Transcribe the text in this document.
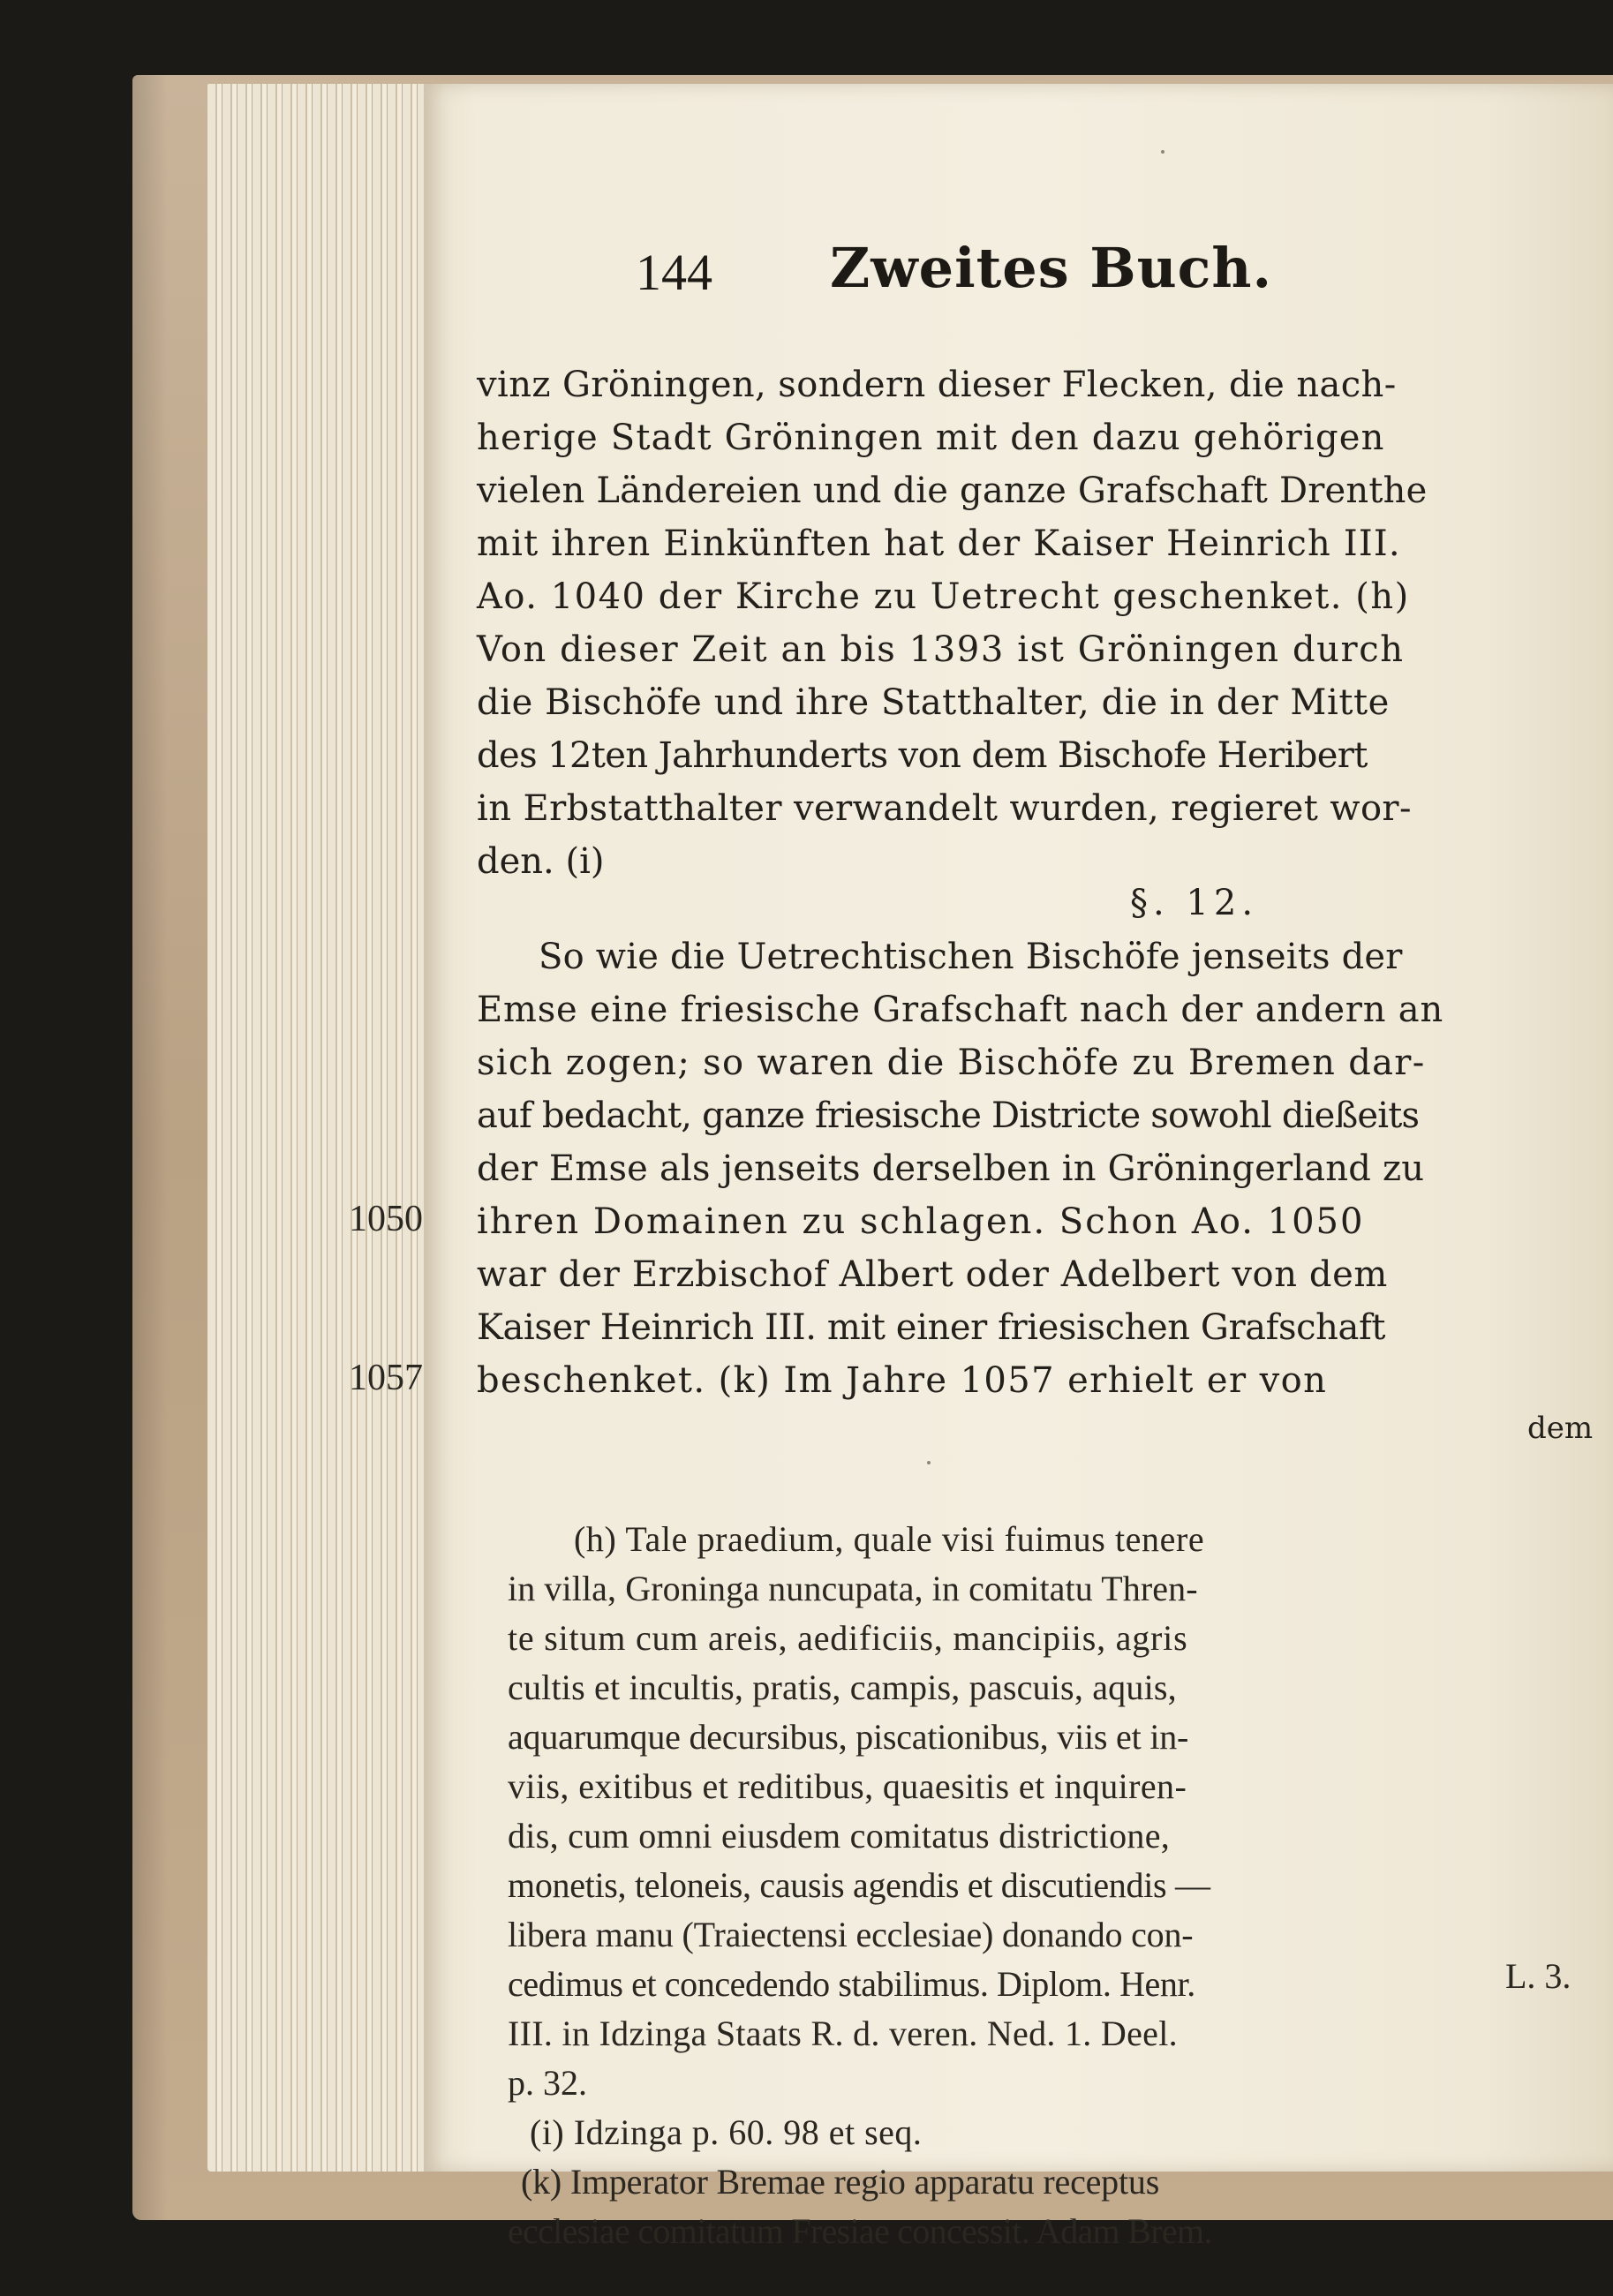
144 Zweites Buch.
vinz Gröningen, sondern dieser Flecken, die nach-
herige Stadt Gröningen mit den dazu gehörigen
vielen Ländereien und die ganze Grafschaft Drenthe
mit ihren Einkünften hat der Kaiser Heinrich III.
Ao. 1040 der Kirche zu Uetrecht geschenket. (h)
Von dieser Zeit an bis 1393 ist Gröningen durch
die Bischöfe und ihre Statthalter, die in der Mitte
des 12ten Jahrhunderts von dem Bischofe Heribert
in Erbstatthalter verwandelt wurden, regieret wor-
den. (i)
§. 12.
So wie die Uetrechtischen Bischöfe jenseits der
Emse eine friesische Grafschaft nach der andern an
sich zogen; so waren die Bischöfe zu Bremen dar-
auf bedacht, ganze friesische Districte sowohl dießeits
der Emse als jenseits derselben in Gröningerland zu
ihren Domainen zu schlagen. Schon Ao. 1050
war der Erzbischof Albert oder Adelbert von dem
Kaiser Heinrich III. mit einer friesischen Grafschaft
beschenket. (k) Im Jahre 1057 erhielt er von
1050
1057
dem
(h) Tale praedium, quale visi fuimus tenere
in villa, Groninga nuncupata, in comitatu Thren-
te situm cum areis, aedificiis, mancipiis, agris
cultis et incultis, pratis, campis, pascuis, aquis,
aquarumque decursibus, piscationibus, viis et in-
viis, exitibus et reditibus, quaesitis et inquiren-
dis, cum omni eiusdem comitatus districtione,
monetis, teloneis, causis agendis et discutiendis —
libera manu (Traiectensi ecclesiae) donando con-
cedimus et concedendo stabilimus. Diplom. Henr.
III. in Idzinga Staats R. d. veren. Ned. 1. Deel.
p. 32.
(i) Idzinga p. 60. 98 et seq.
(k) Imperator Bremae regio apparatu receptus
ecclesiae comitatum Fresiae concessit. Adam Brem.
L. 3.
